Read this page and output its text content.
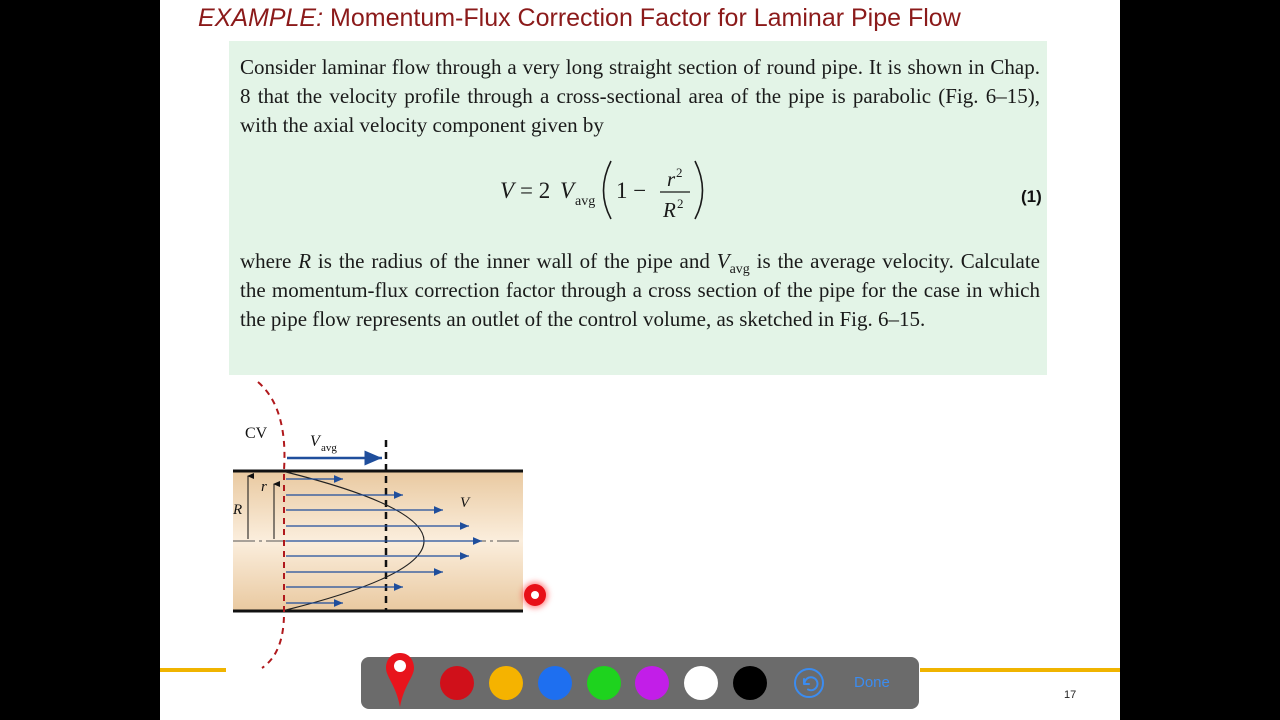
EXAMPLE: Momentum-Flux Correction Factor for Laminar Pipe Flow
Consider laminar flow through a very long straight section of round pipe. It is shown in Chap. 8 that the velocity profile through a cross-sectional area of the pipe is parabolic (Fig. 6–15), with the axial velocity component given by
V = 2 V avg 1 − r 2
R 2	(1)
where R is the radius of the inner wall of the pipe and $V_{avg}$ is the average velocity. Calculate the momentum-flux correction factor through a cross section of the pipe for the case in which the pipe flow represents an outlet of the control volume, as sketched in Fig. 6–15.
CV	V avg
r
R	V
17
Done
